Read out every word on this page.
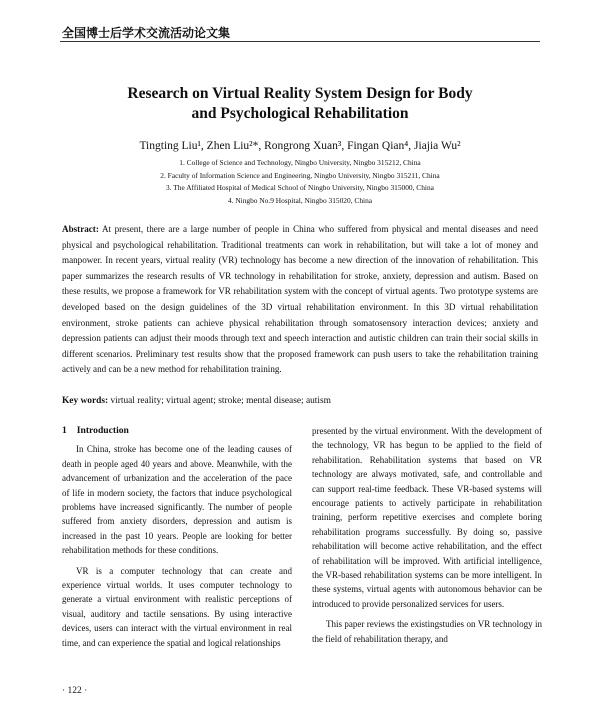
全国博士后学术交流活动论文集
Research on Virtual Reality System Design for Body
and Psychological Rehabilitation
Tingting Liu¹, Zhen Liu²*, Rongrong Xuan³, Fingan Qian⁴, Jiajia Wu²
1. College of Science and Technology, Ningbo University, Ningbo 315212, China
2. Faculty of Information Science and Engineering, Ningbo University, Ningbo 315211, China
3. The Affiliated Hospital of Medical School of Ningbo University, Ningbo 315000, China
4. Ningbo No.9 Hospital, Ningbo 315020, China
Abstract: At present, there are a large number of people in China who suffered from physical and mental diseases and need physical and psychological rehabilitation. Traditional treatments can work in rehabilitation, but will take a lot of money and manpower. In recent years, virtual reality (VR) technology has become a new direction of the innovation of rehabilitation. This paper summarizes the research results of VR technology in rehabilitation for stroke, anxiety, depression and autism. Based on these results, we propose a framework for VR rehabilitation system with the concept of virtual agents. Two prototype systems are developed based on the design guidelines of the 3D virtual rehabilitation environment. In this 3D virtual rehabilitation environment, stroke patients can achieve physical rehabilitation through somatosensory interaction devices; anxiety and depression patients can adjust their moods through text and speech interaction and autistic children can train their social skills in different scenarios. Preliminary test results show that the proposed framework can push users to take the rehabilitation training actively and can be a new method for rehabilitation training.
Key words: virtual reality; virtual agent; stroke; mental disease; autism
1 Introduction

In China, stroke has become one of the leading causes of death in people aged 40 years and above. Meanwhile, with the advancement of urbanization and the acceleration of the pace of life in modern society, the factors that induce psychological problems have increased significantly. The number of people suffered from anxiety disorders, depression and autism is increased in the past 10 years. People are looking for better rehabilitation methods for these conditions.

VR is a computer technology that can create and experience virtual worlds. It uses computer technology to generate a virtual environment with realistic perceptions of visual, auditory and tactile sensations. By using interactive devices, users can interact with the virtual environment in real time, and can experience the spatial and logical relationships

presented by the virtual environment. With the development of the technology, VR has begun to be applied to the field of rehabilitation. Rehabilitation systems that based on VR technology are always motivated, safe, and controllable and can support real-time feedback. These VR-based systems will encourage patients to actively participate in rehabilitation training, perform repetitive exercises and complete boring rehabilitation programs successfully. By doing so, passive rehabilitation will become active rehabilitation, and the effect of rehabilitation will be improved. With artificial intelligence, the VR-based rehabilitation systems can be more intelligent. In these systems, virtual agents with autonomous behavior can be introduced to provide personalized services for users.

This paper reviews the existingstudies on VR technology in the field of rehabilitation therapy, and

· 122 ·
